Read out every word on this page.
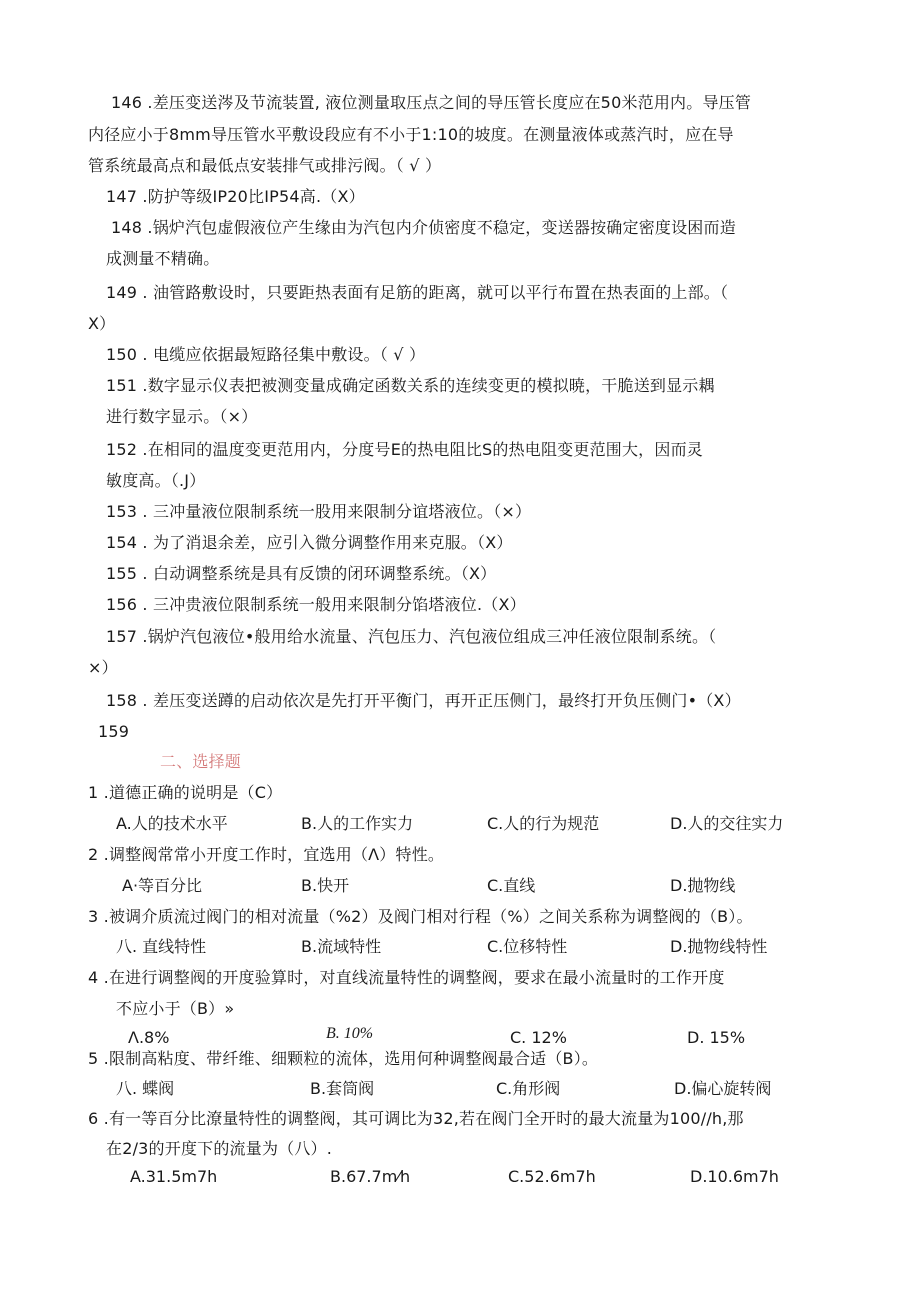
146 .差压变送涔及节流装置, 液位测量取压点之间的导压管长度应在50米范用内。导压管
内径应小于8mm导压管水平敷设段应有不小于1:10的坡度。在测量液体或蒸汽时，应在导
管系统最高点和最低点安装排气或排污阀。（ √ ）
147 .防护等级IP20比IP54高.（X）
148 .锅炉汽包虚假液位产生缘由为汽包内介侦密度不稳定，变送器按确定密度设困而造
成测量不精确。
149 . 油管路敷设时，只要距热表面有足筋的距离，就可以平行布置在热表面的上部。（
X）
150 . 电缆应依据最短路径集中敷设。（ √ ）
151 .数字显示仪表把被测变量成确定函数关系的连续变更的模拟暁，干脆送到显示耦
进行数字显示。（×）
152 .在相同的温度变更范用内，分度号E的热电阻比S的热电阻变更范围大，因而灵
敏度高。（.J）
153 . 三冲量液位限制系统一股用来限制分谊塔液位。（×）
154 . 为了消退余差，应引入微分调整作用来克服。（X）
155 . 白动调整系统是具有反馈的闭环调整系统。（X）
156 . 三冲贵液位限制系统一般用来限制分馅塔液位.（X）
157 .锅炉汽包液位•般用给水流量、汽包压力、汽包液位组成三冲任液位限制系统。（
×）
158 . 差压变送蹲的启动依次是先打开平衡门，再开正压侧门，最终打开负压侧门•（X）
159
二、选择题
1 .道德正确的说明是（C）
A.人的技术水平	B.人的工作实力	C.人的行为规范	D.人的交往实力
2 .调整阀常常小开度工作时，宜选用（Λ）特性。
A·等百分比	B.快开	C.直线	D.抛物线
3 .被调介质流过阀门的相对流量（%2）及阀门相对行程（%）之间关系称为调整阀的（B）。
八. 直线特性	B.流域特性	C.位移特性	D.抛物线特性
4 .在进行调整阀的开度验算时，对直线流量特性的调整阀，要求在最小流量时的工作开度
不应小于（B）»
Λ.8%	B. 10%	C. 12%	D. 15%
5 .限制高粘度、带纤维、细颗粒的流体，选用何种调整阀最合适（B）。
八. 蝶阀	B.套筒阀	C.角形阀	D.偏心旋转阀
6 .有一等百分比潦量特性的调整阀，其可调比为32,若在阀门全开时的最大流量为100//h,那
在2/3的开度下的流量为（八）.
A.31.5m7h	B.67.7m⁄h	C.52.6m7h	D.10.6m7h
